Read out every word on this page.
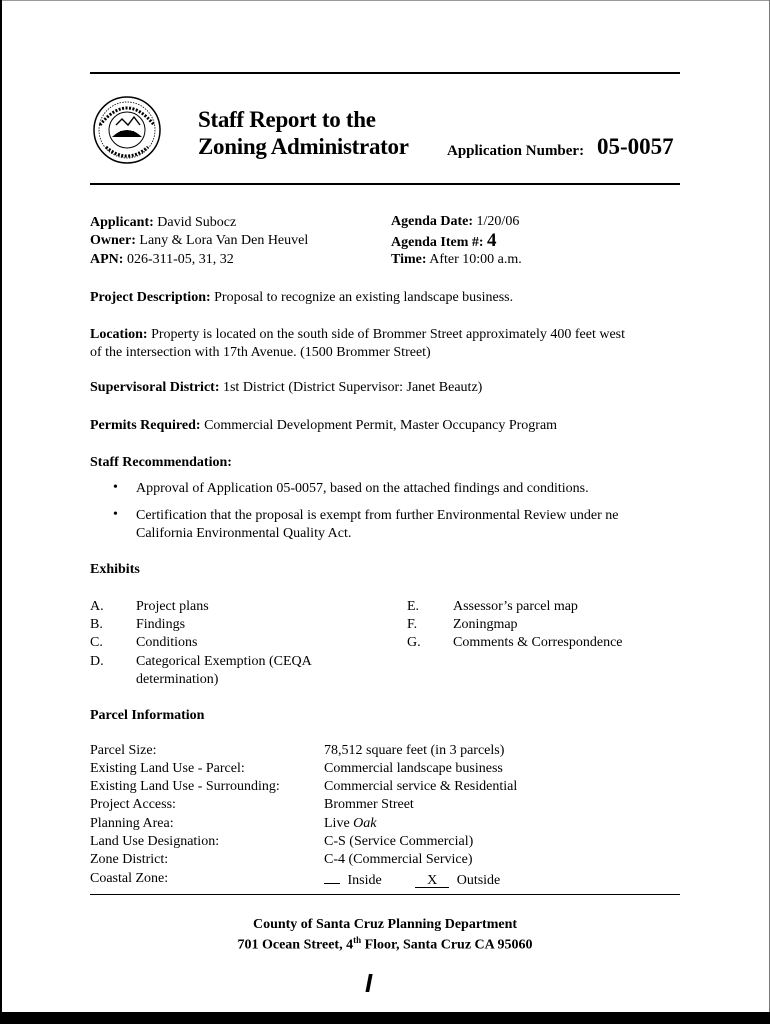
Staff Report to the
Zoning Administrator	Application Number: 05-0057
Applicant: David Subocz
Owner: Lany & Lora Van Den Heuvel
APN: 026-311-05, 31, 32
Agenda Date: 1/20/06
Agenda Item #: 4
Time: After 10:00 a.m.
Project Description: Proposal to recognize an existing landscape business.
Location: Property is located on the south side of Brommer Street approximately 400 feet west
of the intersection with 17th Avenue. (1500 Brommer Street)
Supervisoral District: 1st District (District Supervisor: Janet Beautz)
Permits Required: Commercial Development Permit, Master Occupancy Program
Staff Recommendation:
• Approval of Application 05-0057, based on the attached findings and conditions.
• Certification that the proposal is exempt from further Environmental Review under ne
California Environmental Quality Act.
Exhibits
A. Project plans
B. Findings
C. Conditions
D. Categorical Exemption (CEQA
determination)
E. Assessor’s parcel map
F.	Zoningmap
G. Comments & Correspondence
Parcel Information
Parcel Size:	78,512 square feet (in 3 parcels)
Existing Land Use - Parcel:	Commercial landscape business
Existing Land Use - Surrounding:	Commercial service & Residential
Project Access:	Brommer Street
Planning Area:	Live Oak
Land Use Designation:	C-S (Service Commercial)
Zone District:	C-4 (Commercial Service)
Coastal Zone:	Inside	X Outside
County of Santa Cruz Planning Department
701 Ocean Street, 4th Floor, Santa Cruz CA 95060
I
